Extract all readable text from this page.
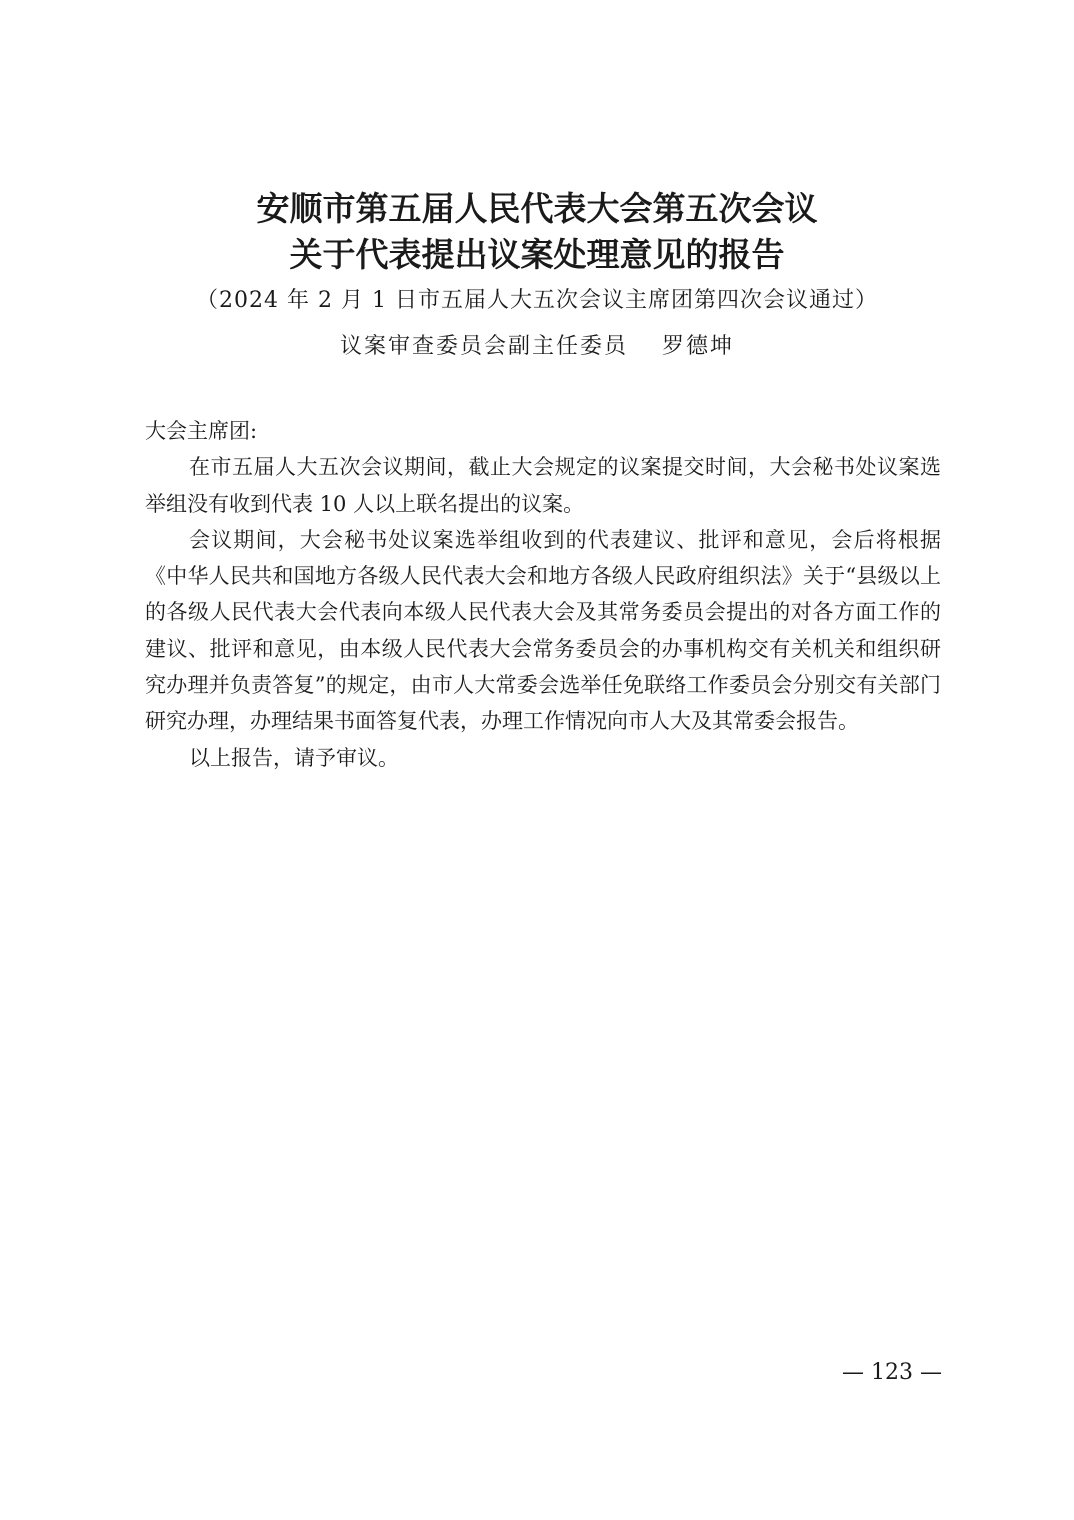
安顺市第五届人民代表大会第五次会议
关于代表提出议案处理意见的报告
（2024 年 2 月 1 日市五届人大五次会议主席团第四次会议通过）
议案审查委员会副主任委员 罗德坤

大会主席团:

在市五届人大五次会议期间，截止大会规定的议案提交时间，大会秘书处议案选举组没有收到代表 10 人以上联名提出的议案。

会议期间，大会秘书处议案选举组收到的代表建议、批评和意见，会后将根据《中华人民共和国地方各级人民代表大会和地方各级人民政府组织法》关于“县级以上的各级人民代表大会代表向本级人民代表大会及其常务委员会提出的对各方面工作的建议、批评和意见，由本级人民代表大会常务委员会的办事机构交有关机关和组织研究办理并负责答复”的规定，由市人大常委会选举任免联络工作委员会分别交有关部门研究办理，办理结果书面答复代表，办理工作情况向市人大及其常委会报告。

以上报告，请予审议。

— 123 —
